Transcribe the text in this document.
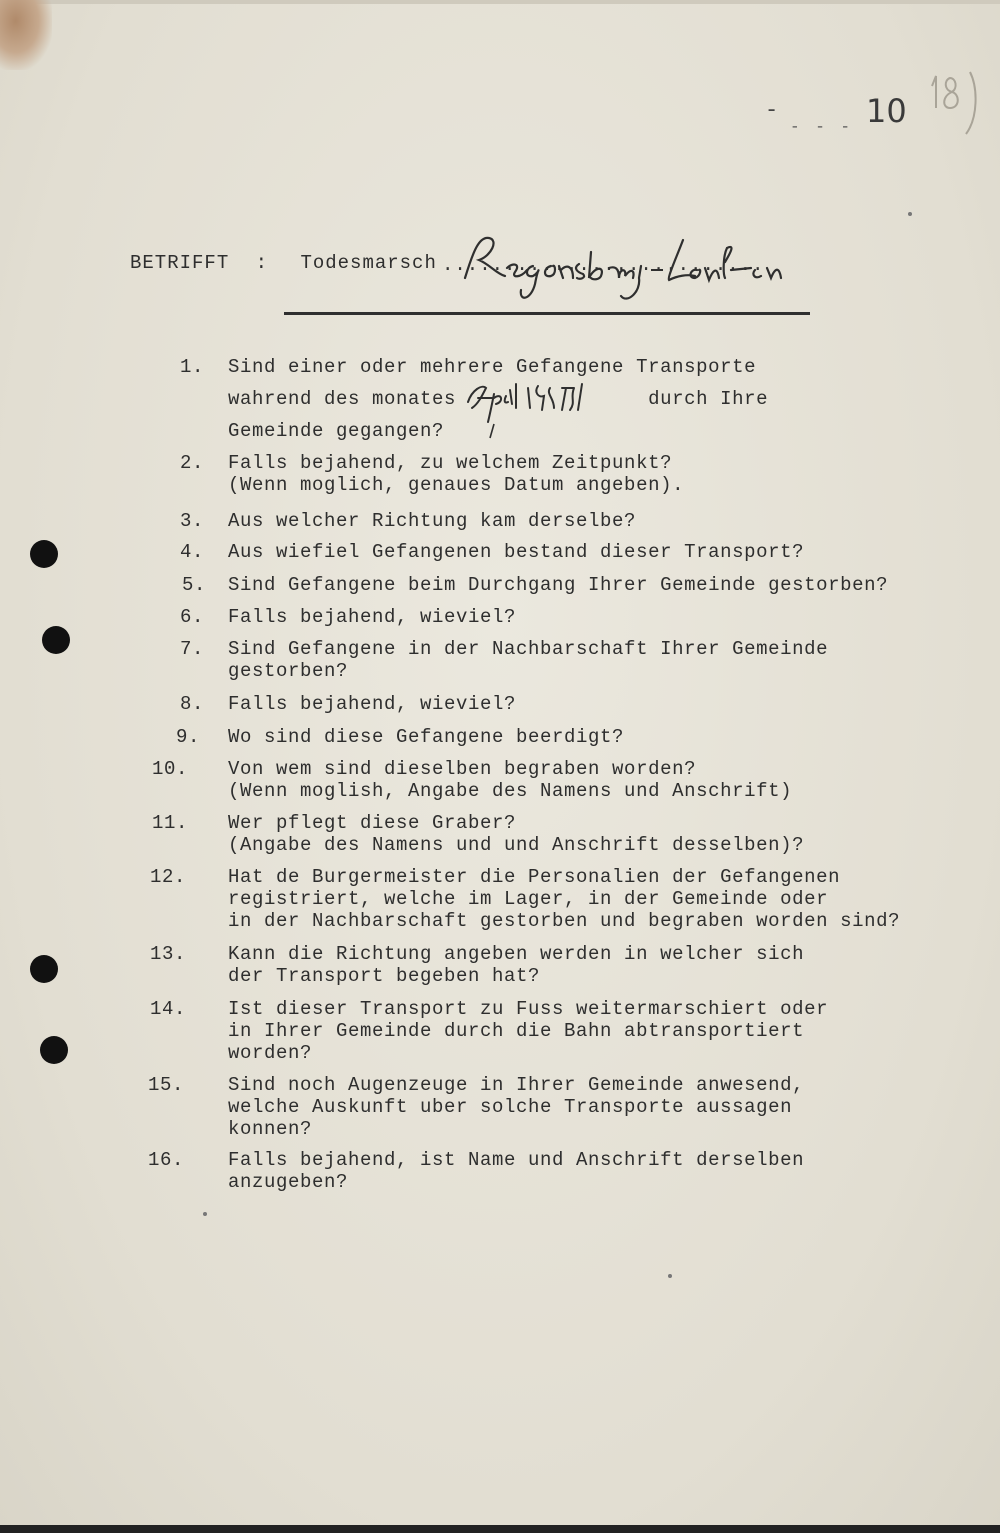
-
- - - 10
BETRIFFT : Todesmarsch ..........................
1. Sind einer oder mehrere Gefangene Transporte
wahrend des monates                durch Ihre
Gemeinde gegangen?
2. Falls bejahend, zu welchem Zeitpunkt?
(Wenn moglich, genaues Datum angeben).
3. Aus welcher Richtung kam derselbe?
4. Aus wiefiel Gefangenen bestand dieser Transport?
5. Sind Gefangene beim Durchgang Ihrer Gemeinde gestorben?
6. Falls bejahend, wieviel?
7. Sind Gefangene in der Nachbarschaft Ihrer Gemeinde
gestorben?
8. Falls bejahend, wieviel?
9. Wo sind diese Gefangene beerdigt?
10. Von wem sind dieselben begraben worden?
(Wenn moglish, Angabe des Namens und Anschrift)
11. Wer pflegt diese Graber?
(Angabe des Namens und und Anschrift desselben)?
12. Hat de Burgermeister die Personalien der Gefangenen
registriert, welche im Lager, in der Gemeinde oder
in der Nachbarschaft gestorben und begraben worden sind?
13. Kann die Richtung angeben werden in welcher sich
der Transport begeben hat?
14. Ist dieser Transport zu Fuss weitermarschiert oder
in Ihrer Gemeinde durch die Bahn abtransportiert
worden?
15. Sind noch Augenzeuge in Ihrer Gemeinde anwesend,
welche Auskunft uber solche Transporte aussagen
konnen?
16. Falls bejahend, ist Name und Anschrift derselben
anzugeben?
